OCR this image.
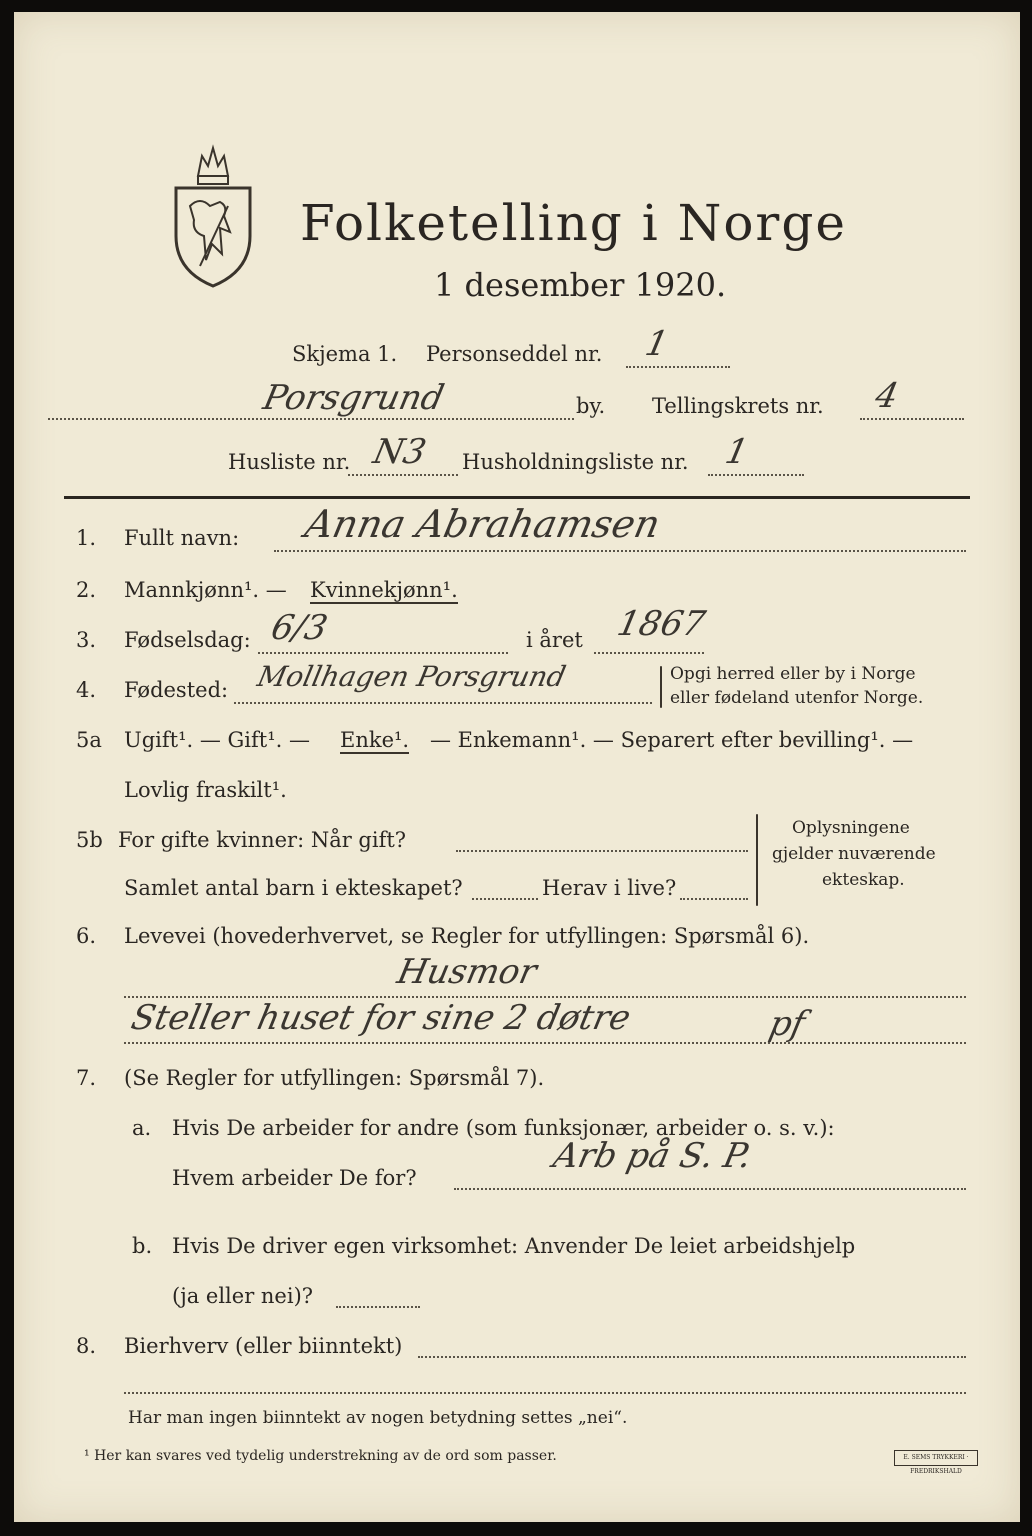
Folketelling i Norge
1 desember 1920.
Skjema 1. Personseddel nr. 1
Porsgrund	by. Tellingskrets nr. 4
Husliste nr. N3 Husholdningsliste nr. 1
1. Fullt navn: Anna Abrahamsen
2. Mannkjønn¹. — Kvinnekjønn¹.
3. Fødselsdag: 6/3	i året 1867
4. Fødested: Mollhagen Porsgrund	Opgi herred eller by i Norge
eller fødeland utenfor Norge.
5a Ugift¹. — Gift¹. — Enke¹. — Enkemann¹. — Separert efter bevilling¹. —
Lovlig fraskilt¹.
5b For gifte kvinner: Når gift?
Samlet antal barn i ekteskapet?	Herav i live?
Oplysningene
gjelder nuværende
ekteskap.
6. Levevei (hovederhvervet, se Regler for utfyllingen: Spørsmål 6).
Husmor
Steller huset for sine 2 døtre	pf
7. (Se Regler for utfyllingen: Spørsmål 7).
a. Hvis De arbeider for andre (som funksjonær, arbeider o. s. v.):
Hvem arbeider De for?
Arb på S. P.
b. Hvis De driver egen virksomhet: Anvender De leiet arbeidshjelp
(ja eller nei)?
8. Bierhverv (eller biinntekt)
Har man ingen biinntekt av nogen betydning settes „nei“.
¹ Her kan svares ved tydelig understrekning av de ord som passer.	E. SEMS TRYKKERI · FREDRIKSHALD
